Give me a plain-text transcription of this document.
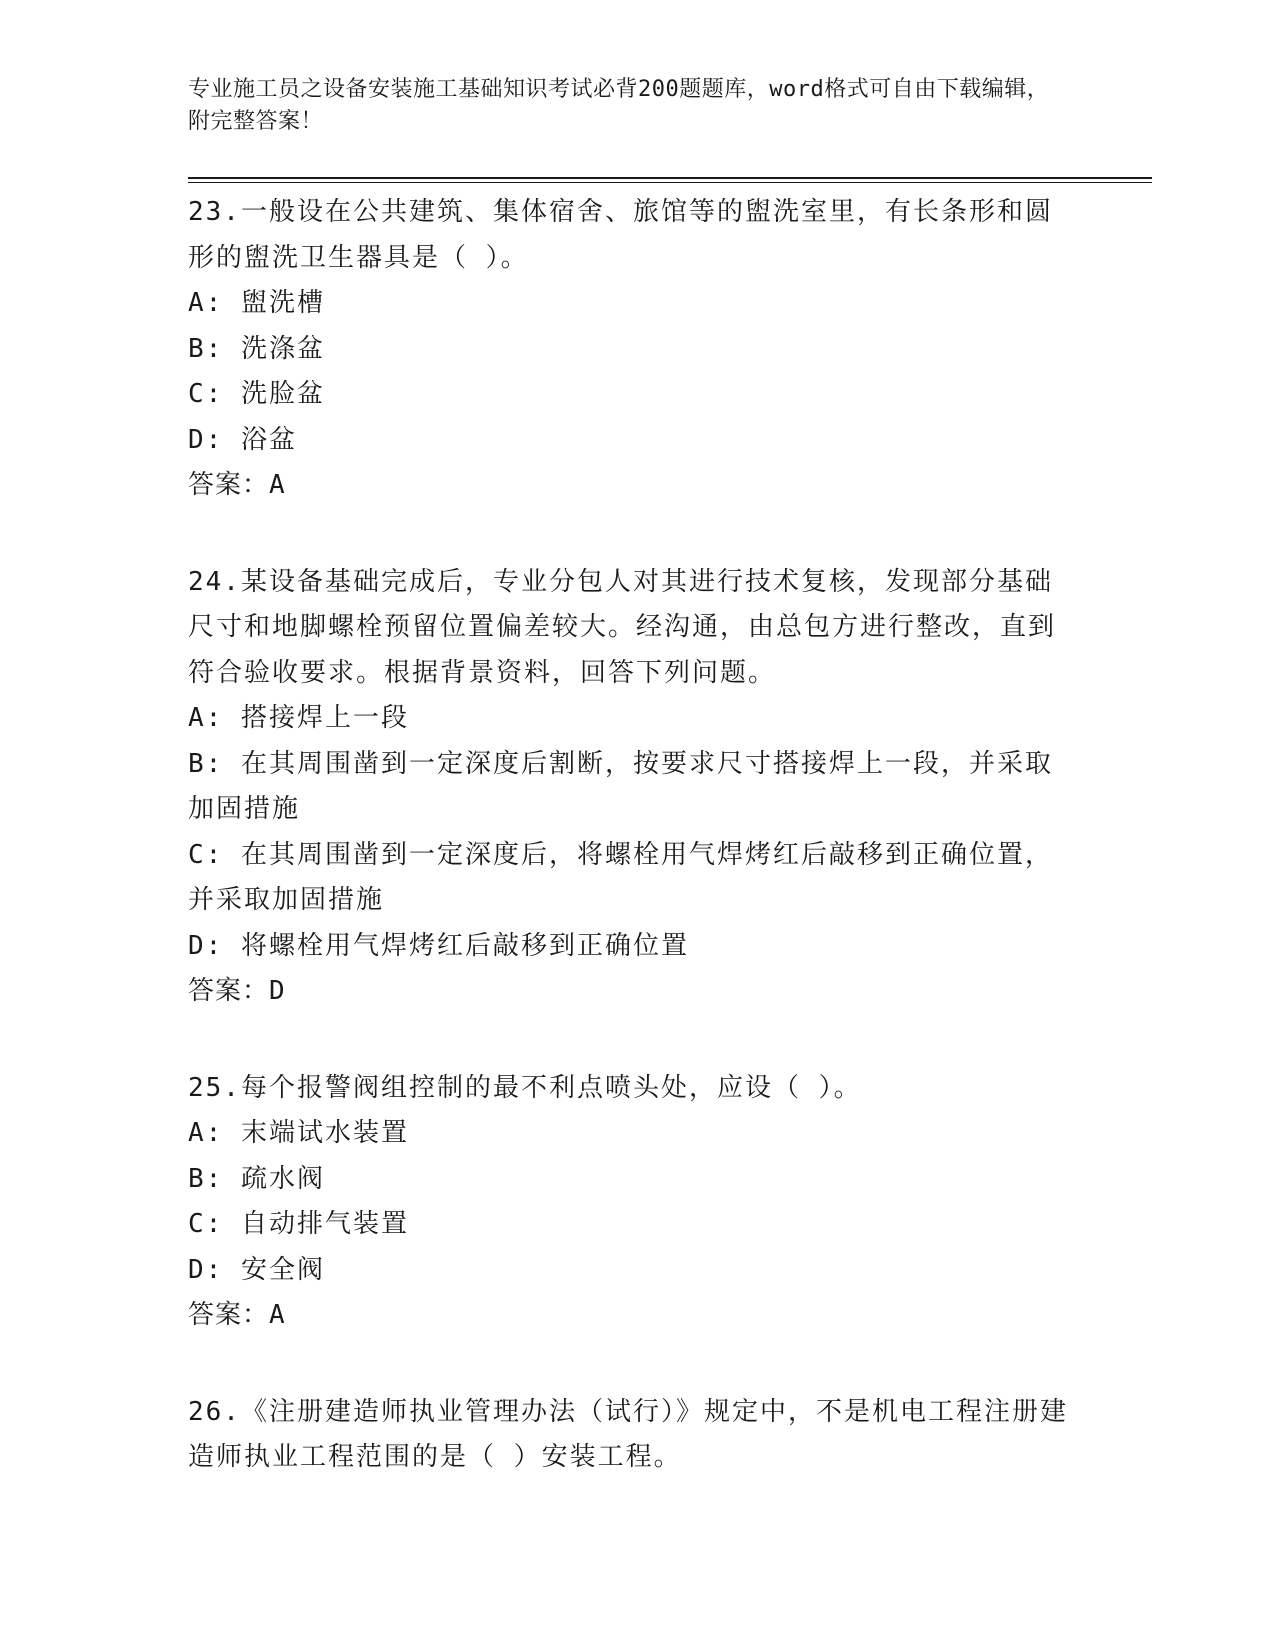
专业施工员之设备安装施工基础知识考试必背200题题库，word格式可自由下载编辑，附完整答案！

23.一般设在公共建筑、集体宿舍、旅馆等的盥洗室里，有长条形和圆形的盥洗卫生器具是（ ）。

A: 盥洗槽

B: 洗涤盆

C: 洗脸盆

D: 浴盆

答案：A

24.某设备基础完成后，专业分包人对其进行技术复核，发现部分基础尺寸和地脚螺栓预留位置偏差较大。经沟通，由总包方进行整改，直到符合验收要求。根据背景资料，回答下列问题。

A: 搭接焊上一段

B: 在其周围凿到一定深度后割断，按要求尺寸搭接焊上一段，并采取加固措施

C: 在其周围凿到一定深度后，将螺栓用气焊烤红后敲移到正确位置，并采取加固措施

D: 将螺栓用气焊烤红后敲移到正确位置

答案：D

25.每个报警阀组控制的最不利点喷头处，应设（ ）。

A: 末端试水装置

B: 疏水阀

C: 自动排气装置

D: 安全阀

答案：A

26.《注册建造师执业管理办法（试行）》规定中，不是机电工程注册建造师执业工程范围的是（ ）安装工程。
